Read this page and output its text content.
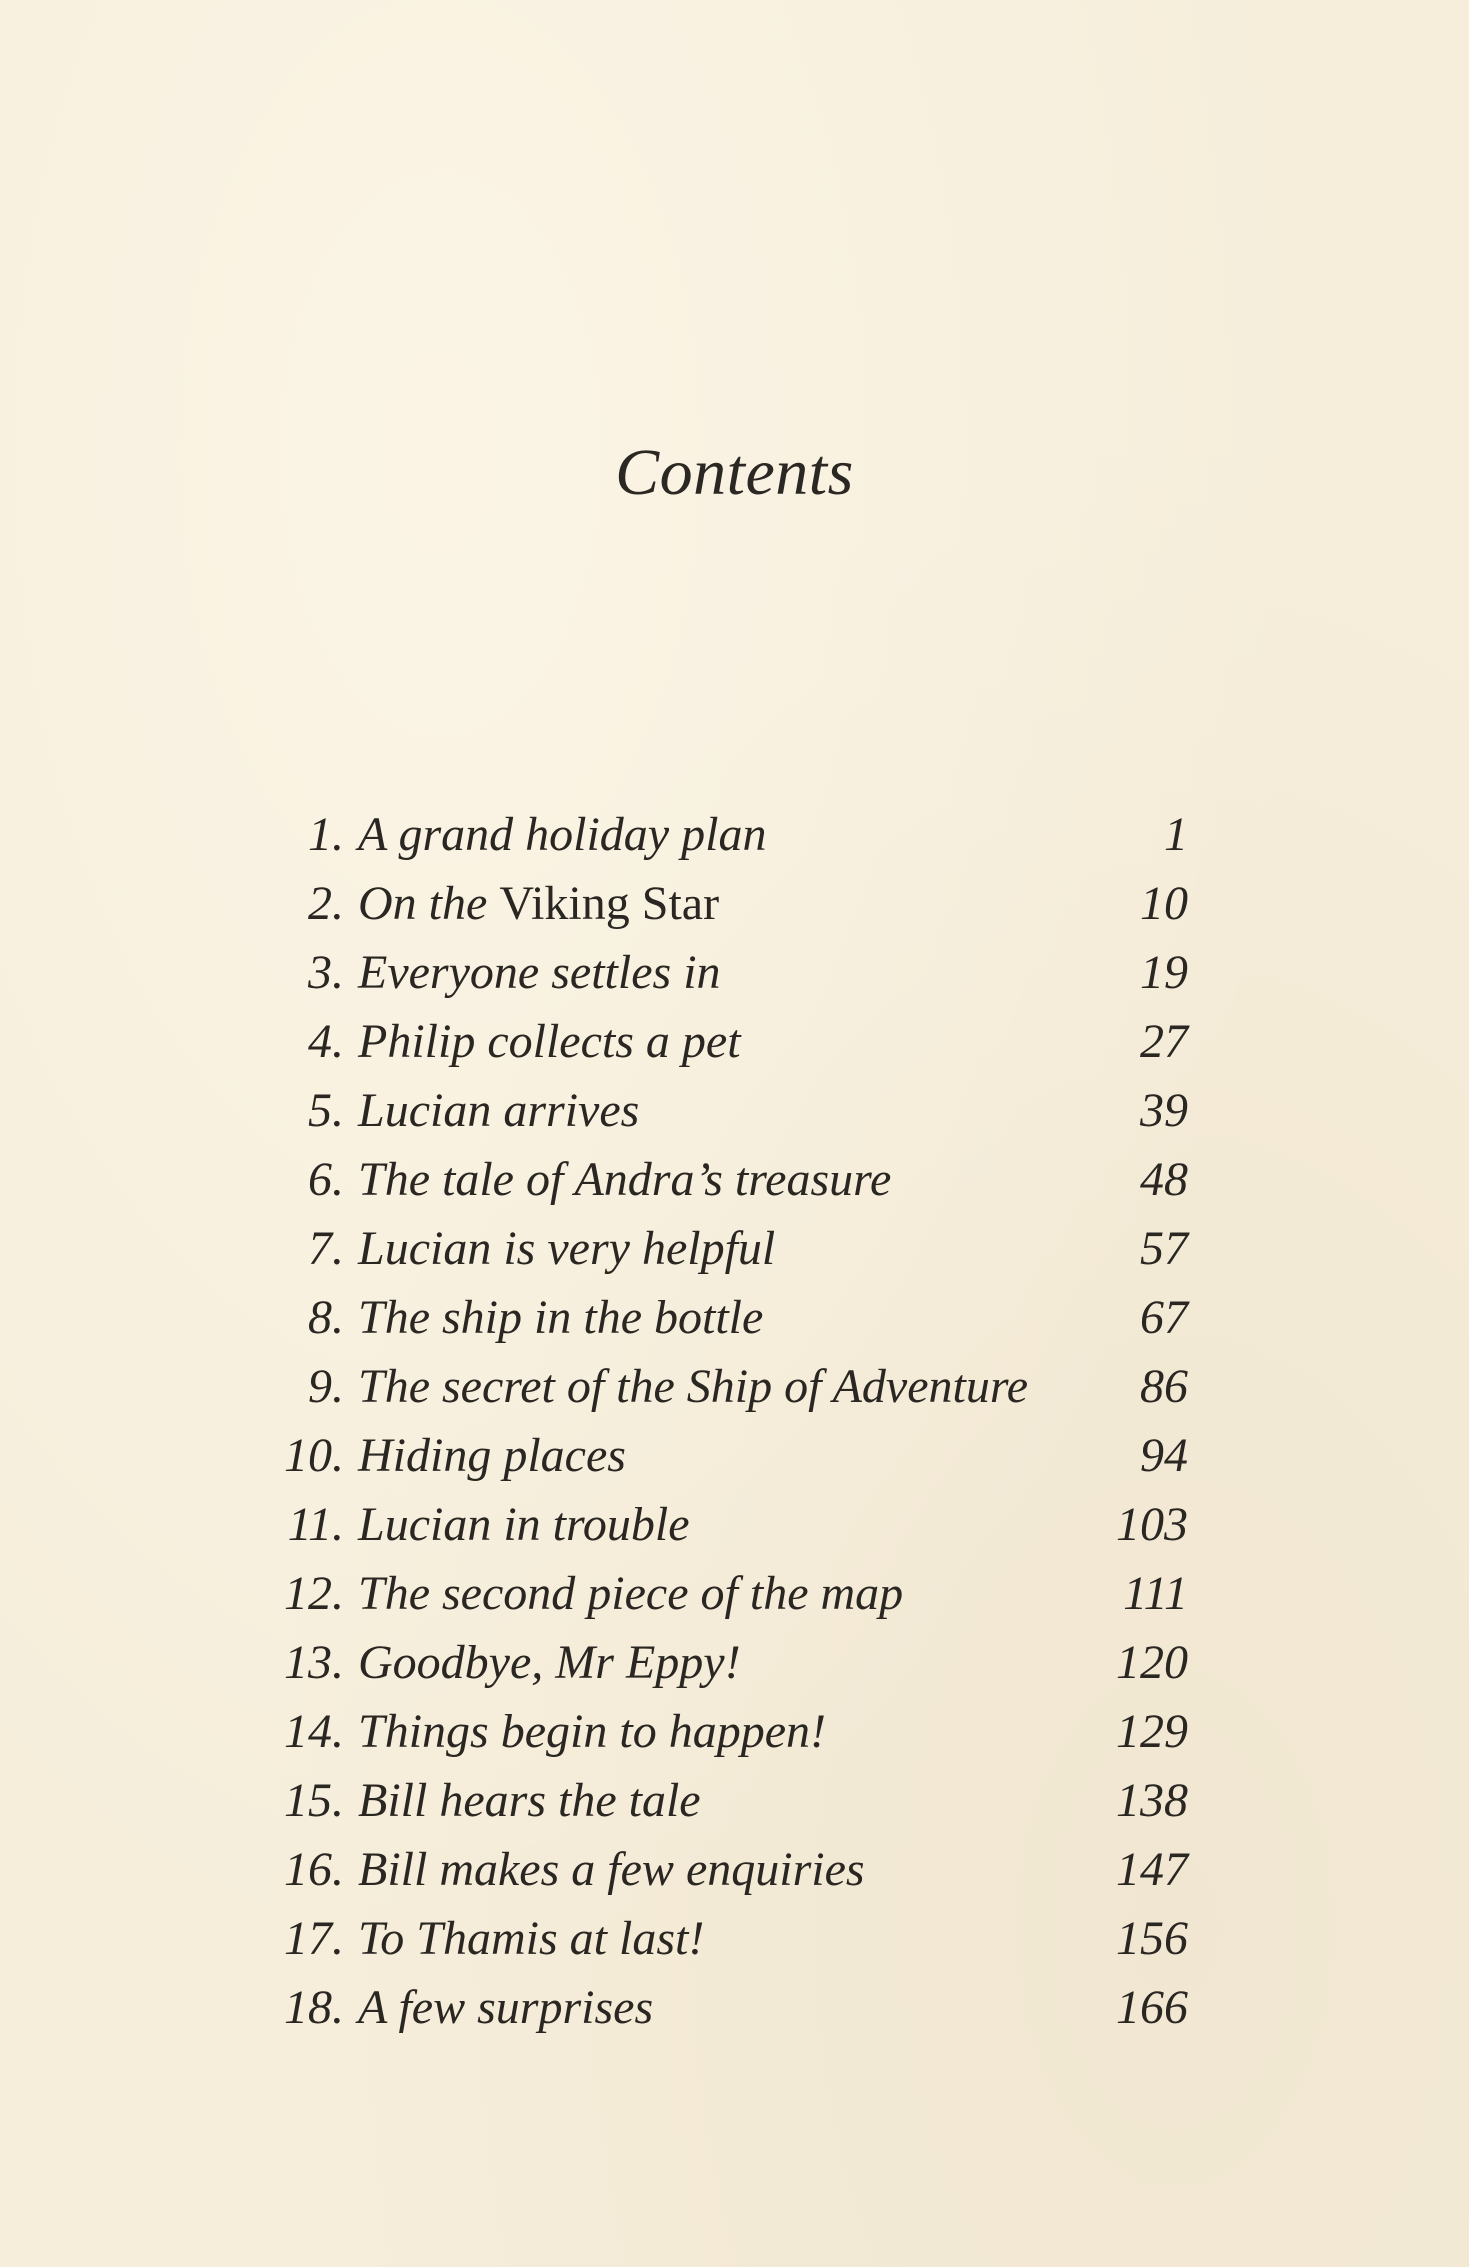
Contents
1. A grand holiday plan	1
2. On the Viking Star	10
3. Everyone settles in	19
4. Philip collects a pet	27
5. Lucian arrives	39
6. The tale of Andra’s treasure	48
7. Lucian is very helpful	57
8. The ship in the bottle	67
9. The secret of the Ship of Adventure 86
10. Hiding places	94
11. Lucian in trouble	103
12. The second piece of the map	111
13. Goodbye, Mr Eppy!	120
14. Things begin to happen!	129
15. Bill hears the tale	138
16. Bill makes a few enquiries	147
17. To Thamis at last!	156
18. A few surprises	166
